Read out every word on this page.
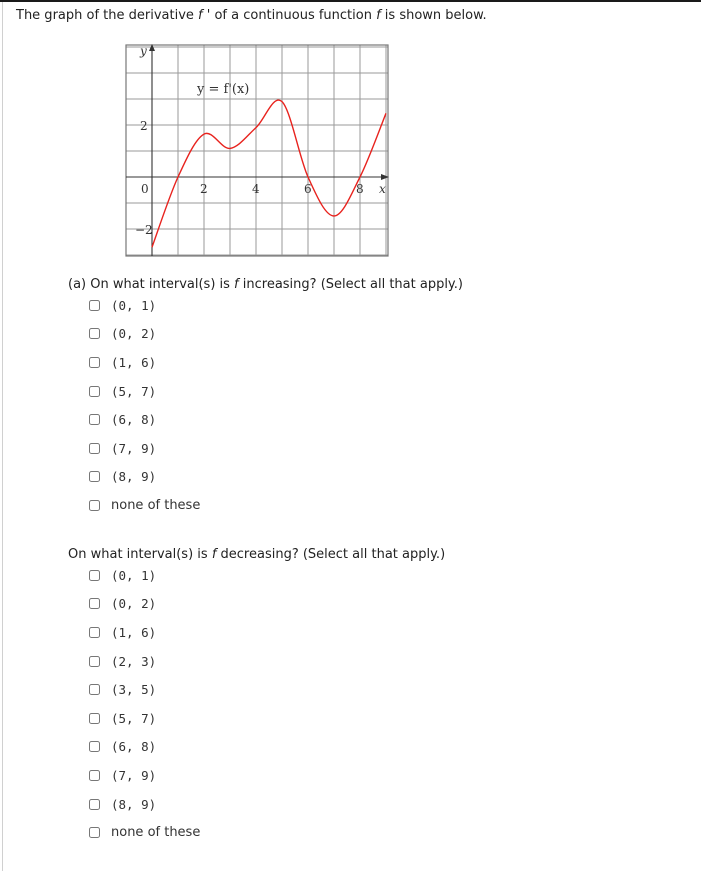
The graph of the derivative f ' of a continuous function f is shown below.
y
x
y = f'(x)
0	2	4	6	8
2
−2
(a) On what interval(s) is f increasing? (Select all that apply.)
(0, 1)
(0, 2)
(1, 6)
(5, 7)
(6, 8)
(7, 9)
(8, 9)
none of these
On what interval(s) is f decreasing? (Select all that apply.)
(0, 1)
(0, 2)
(1, 6)
(2, 3)
(3, 5)
(5, 7)
(6, 8)
(7, 9)
(8, 9)
none of these
